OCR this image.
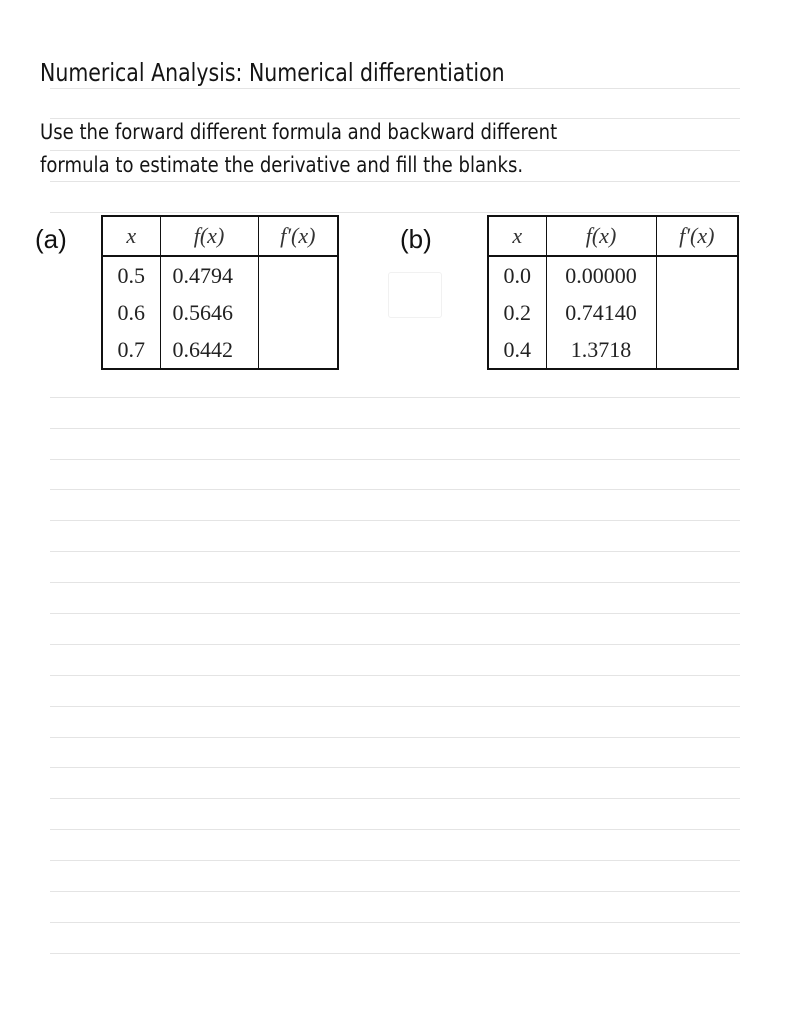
Numerical Analysis: Numerical differentiation
Use the forward different formula and backward different
formula to estimate the derivative and fill the blanks.
(a)	x	f(x)	f′(x)
0.5	0.4794	
0.6	0.5646	
0.7	0.6442	
(b)	x	f(x)	f′(x)
0.0	0.00000	
0.2	0.74140	
0.4	1.3718	
